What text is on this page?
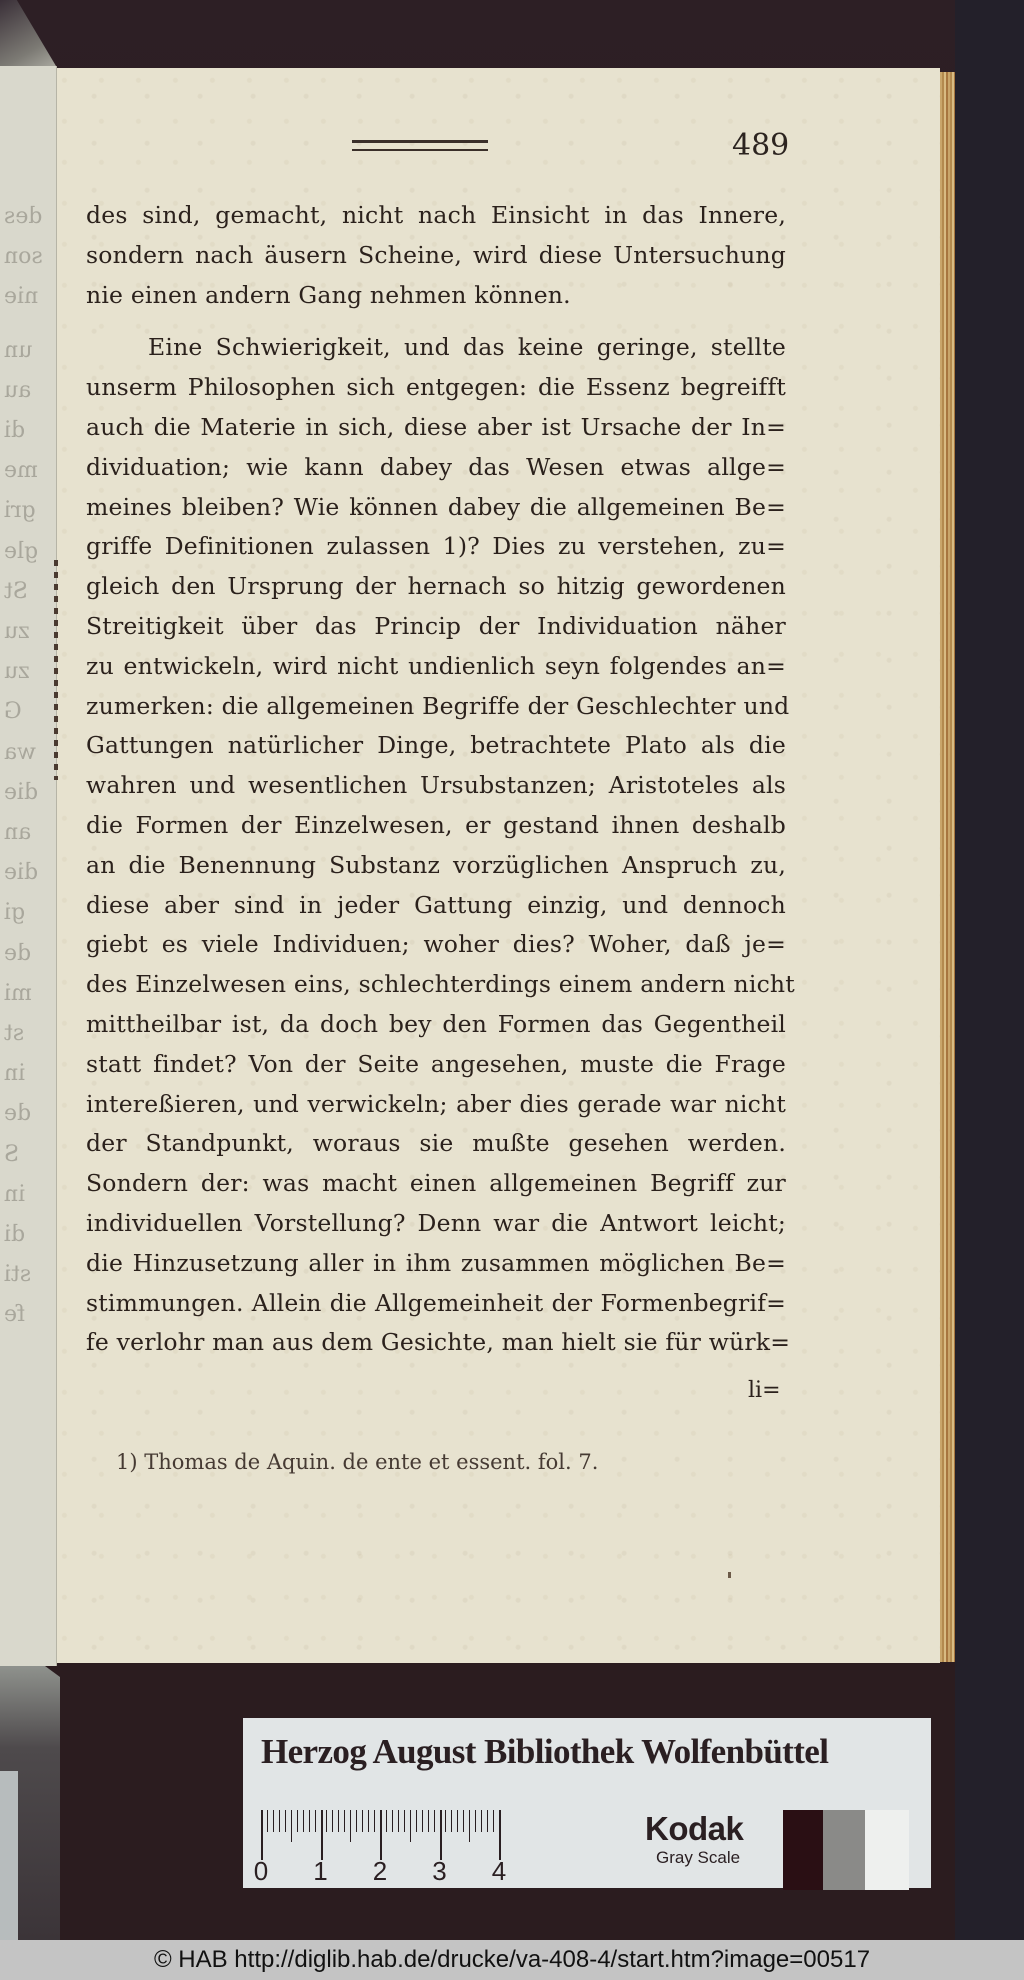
des
son
nie
un
au
di
me
gri
gle
St
zu
zu
G
wa
die
an
die
gi
de
mi
st
in
de
S
in
di
sti
fe
489
des sind, gemacht, nicht nach Einsicht in das Innere,
sondern nach äusern Scheine, wird diese Untersuchung
nie einen andern Gang nehmen können.
Eine Schwierigkeit, und das keine geringe, stellte
unserm Philosophen sich entgegen: die Essenz begreifft
auch die Materie in sich, diese aber ist Ursache der In=
dividuation; wie kann dabey das Wesen etwas allge=
meines bleiben? Wie können dabey die allgemeinen Be=
griffe Definitionen zulassen 1)? Dies zu verstehen, zu=
gleich den Ursprung der hernach so hitzig gewordenen
Streitigkeit über das Princip der Individuation näher
zu entwickeln, wird nicht undienlich seyn folgendes an=
zumerken: die allgemeinen Begriffe der Geschlechter und
Gattungen natürlicher Dinge, betrachtete Plato als die
wahren und wesentlichen Ursubstanzen; Aristoteles als
die Formen der Einzelwesen, er gestand ihnen deshalb
an die Benennung Substanz vorzüglichen Anspruch zu,
diese aber sind in jeder Gattung einzig, und dennoch
giebt es viele Individuen; woher dies? Woher, daß je=
des Einzelwesen eins, schlechterdings einem andern nicht
mittheilbar ist, da doch bey den Formen das Gegentheil
statt findet? Von der Seite angesehen, muste die Frage
intereßieren, und verwickeln; aber dies gerade war nicht
der Standpunkt, woraus sie mußte gesehen werden.
Sondern der: was macht einen allgemeinen Begriff zur
individuellen Vorstellung? Denn war die Antwort leicht;
die Hinzusetzung aller in ihm zusammen möglichen Be=
stimmungen. Allein die Allgemeinheit der Formenbegrif=
fe verlohr man aus dem Gesichte, man hielt sie für würk=
li=
1) Thomas de Aquin. de ente et essent. fol. 7.
Herzog August Bibliothek Wolfenbüttel
0 1 2 3 4
Kodak
Gray Scale
© HAB http://diglib.hab.de/drucke/va-408-4/start.htm?image=00517
